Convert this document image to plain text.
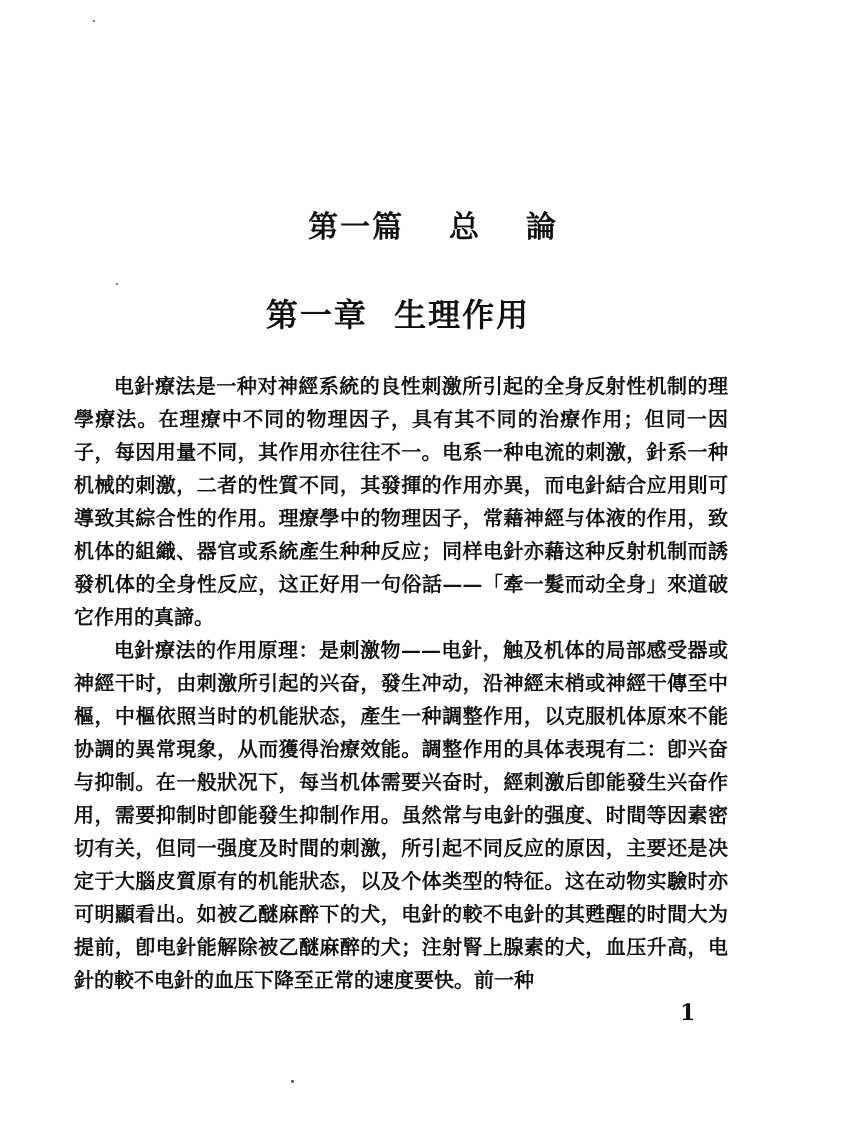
第一篇  总  論
第一章  生理作用

电針療法是一种对神經系統的良性刺激所引起的全身反射性机制的理學療法。在理療中不同的物理因子，具有其不同的治療作用；但同一因子，每因用量不同，其作用亦往往不一。电系一种电流的刺激，針系一种机械的刺激，二者的性質不同，其發揮的作用亦異，而电針結合应用則可導致其綜合性的作用。理療學中的物理因子，常藉神經与体液的作用，致机体的組織、器官或系統產生种种反应；同样电針亦藉这种反射机制而誘發机体的全身性反应，这正好用一句俗話——「牽一髮而动全身」來道破它作用的真諦。

电針療法的作用原理：是刺激物——电針，触及机体的局部感受器或神經干时，由刺激所引起的兴奋，發生冲动，沿神經末梢或神經干傳至中樞，中樞依照当时的机能狀态，產生一种調整作用，以克服机体原來不能协調的異常現象，从而獲得治療效能。調整作用的具体表現有二：卽兴奋与抑制。在一般狀况下，每当机体需要兴奋时，經刺激后卽能發生兴奋作用，需要抑制时卽能發生抑制作用。虽然常与电針的强度、时間等因素密切有关，但同一强度及时間的刺激，所引起不同反应的原因，主要还是决定于大腦皮質原有的机能狀态，以及个体类型的特征。这在动物实驗时亦可明顯看出。如被乙醚麻醉下的犬，电針的較不电針的其甦醒的时間大为提前，卽电針能解除被乙醚麻醉的犬；注射腎上腺素的犬，血压升高，电針的較不电針的血压下降至正常的速度要快。前一种

1
